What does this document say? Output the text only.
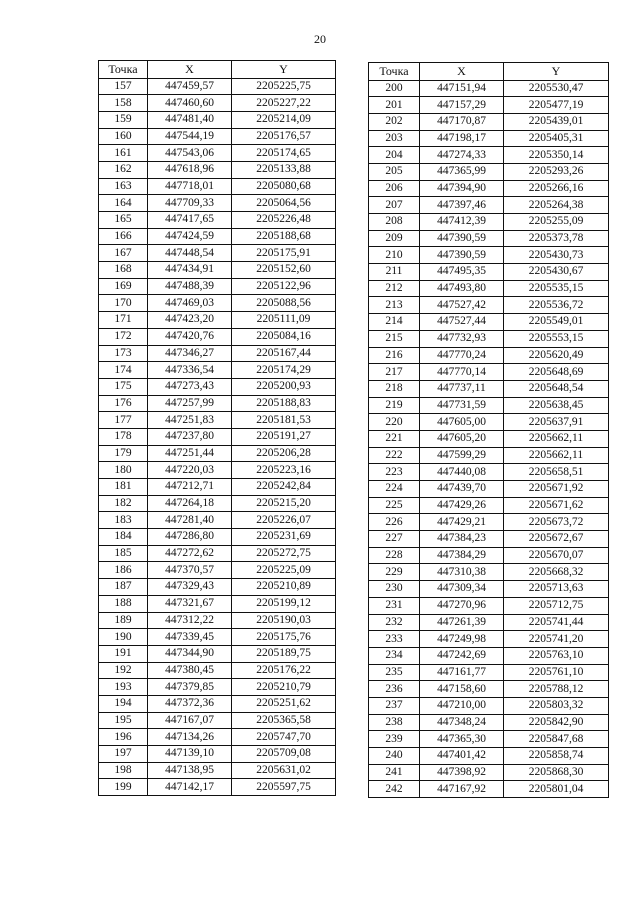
20
Точка	X	Y
157	447459,57	2205225,75
158	447460,60	2205227,22
159	447481,40	2205214,09
160	447544,19	2205176,57
161	447543,06	2205174,65
162	447618,96	2205133,88
163	447718,01	2205080,68
164	447709,33	2205064,56
165	447417,65	2205226,48
166	447424,59	2205188,68
167	447448,54	2205175,91
168	447434,91	2205152,60
169	447488,39	2205122,96
170	447469,03	2205088,56
171	447423,20	2205111,09
172	447420,76	2205084,16
173	447346,27	2205167,44
174	447336,54	2205174,29
175	447273,43	2205200,93
176	447257,99	2205188,83
177	447251,83	2205181,53
178	447237,80	2205191,27
179	447251,44	2205206,28
180	447220,03	2205223,16
181	447212,71	2205242,84
182	447264,18	2205215,20
183	447281,40	2205226,07
184	447286,80	2205231,69
185	447272,62	2205272,75
186	447370,57	2205225,09
187	447329,43	2205210,89
188	447321,67	2205199,12
189	447312,22	2205190,03
190	447339,45	2205175,76
191	447344,90	2205189,75
192	447380,45	2205176,22
193	447379,85	2205210,79
194	447372,36	2205251,62
195	447167,07	2205365,58
196	447134,26	2205747,70
197	447139,10	2205709,08
198	447138,95	2205631,02
199	447142,17	2205597,75
Точка	X	Y
200	447151,94	2205530,47
201	447157,29	2205477,19
202	447170,87	2205439,01
203	447198,17	2205405,31
204	447274,33	2205350,14
205	447365,99	2205293,26
206	447394,90	2205266,16
207	447397,46	2205264,38
208	447412,39	2205255,09
209	447390,59	2205373,78
210	447390,59	2205430,73
211	447495,35	2205430,67
212	447493,80	2205535,15
213	447527,42	2205536,72
214	447527,44	2205549,01
215	447732,93	2205553,15
216	447770,24	2205620,49
217	447770,14	2205648,69
218	447737,11	2205648,54
219	447731,59	2205638,45
220	447605,00	2205637,91
221	447605,20	2205662,11
222	447599,29	2205662,11
223	447440,08	2205658,51
224	447439,70	2205671,92
225	447429,26	2205671,62
226	447429,21	2205673,72
227	447384,23	2205672,67
228	447384,29	2205670,07
229	447310,38	2205668,32
230	447309,34	2205713,63
231	447270,96	2205712,75
232	447261,39	2205741,44
233	447249,98	2205741,20
234	447242,69	2205763,10
235	447161,77	2205761,10
236	447158,60	2205788,12
237	447210,00	2205803,32
238	447348,24	2205842,90
239	447365,30	2205847,68
240	447401,42	2205858,74
241	447398,92	2205868,30
242	447167,92	2205801,04
